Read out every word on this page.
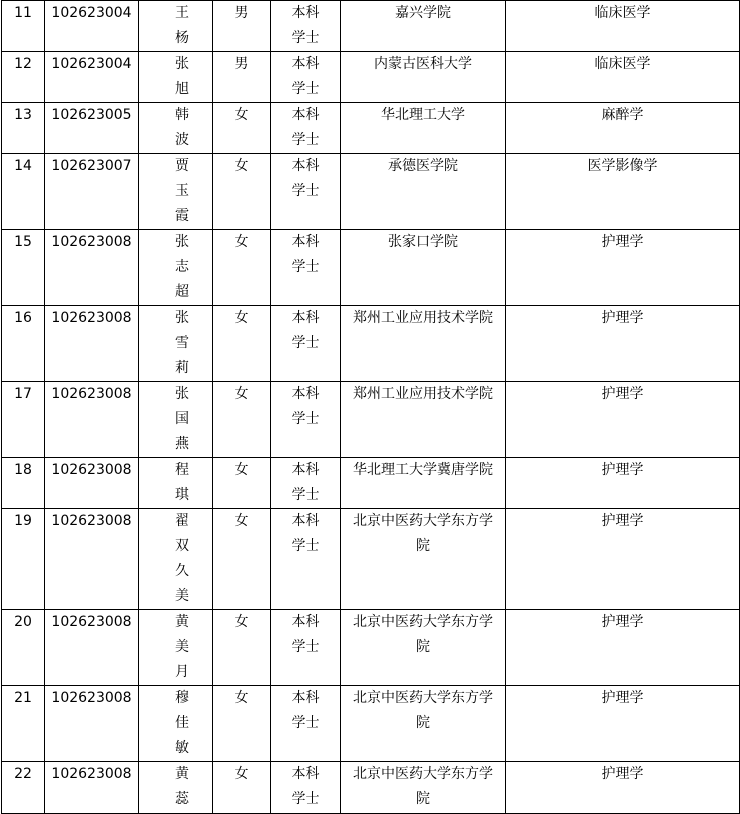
11	102623004	王杨	男	本科学士	嘉兴学院	临床医学

12	102623004	张旭	男	本科学士	内蒙古医科大学	临床医学

13	102623005	韩波	女	本科学士	华北理工大学	麻醉学

14	102623007	贾玉霞	女	本科学士	承德医学院	医学影像学

15	102623008	张志超	女	本科学士	张家口学院	护理学

16	102623008	张雪莉	女	本科学士	郑州工业应用技术学院	护理学

17	102623008	张国燕	女	本科学士	郑州工业应用技术学院	护理学

18	102623008	程琪	女	本科学士	华北理工大学冀唐学院	护理学

19	102623008	翟双久美	女	本科学士	北京中医药大学东方学院	护理学

20	102623008	黄美月	女	本科学士	北京中医药大学东方学院	护理学

21	102623008	穆佳敏	女	本科学士	北京中医药大学东方学院	护理学

22	102623008	黄蕊	女	本科学士	北京中医药大学东方学院	护理学
